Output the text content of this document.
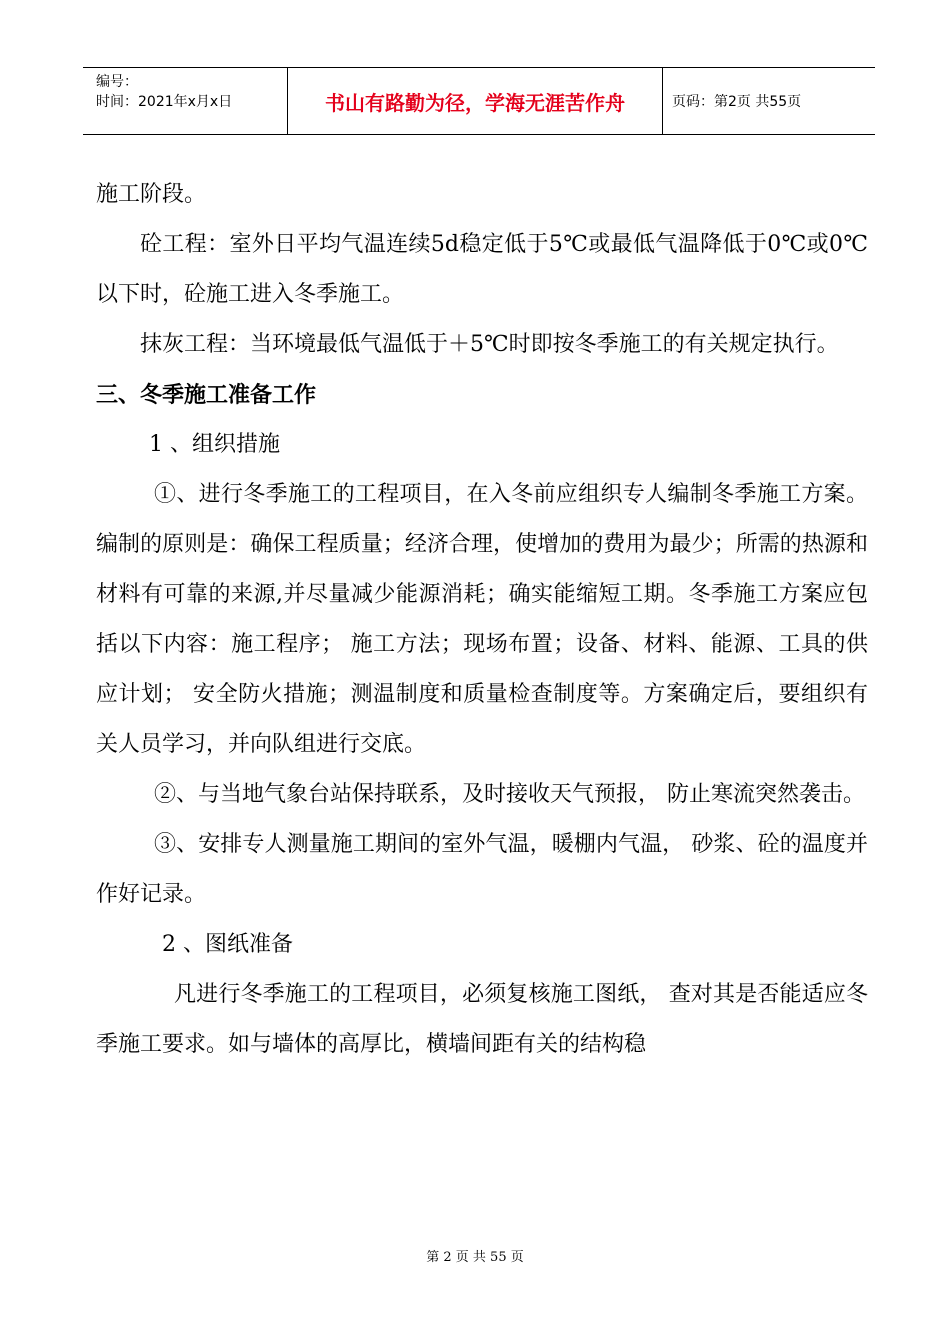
编号：
时间：2021年x月x日	书山有路勤为径，学海无涯苦作舟	页码：第2页 共55页

施工阶段。

砼工程：室外日平均气温连续5d稳定低于5℃或最低气温降低于0℃或0℃以下时，砼施工进入冬季施工。

抹灰工程：当环境最低气温低于＋5℃时即按冬季施工的有关规定执行。

三、冬季施工准备工作

1 、组织措施

①、进行冬季施工的工程项目，在入冬前应组织专人编制冬季施工方案。编制的原则是：确保工程质量；经济合理，使增加的费用为最少；所需的热源和材料有可靠的来源,并尽量减少能源消耗；确实能缩短工期。冬季施工方案应包括以下内容：施工程序； 施工方法；现场布置；设备、材料、能源、工具的供应计划； 安全防火措施；测温制度和质量检查制度等。方案确定后，要组织有关人员学习，并向队组进行交底。

②、与当地气象台站保持联系，及时接收天气预报， 防止寒流突然袭击。

③、安排专人测量施工期间的室外气温，暖棚内气温， 砂浆、砼的温度并作好记录。

2 、图纸准备

凡进行冬季施工的工程项目，必须复核施工图纸， 查对其是否能适应冬季施工要求。如与墙体的高厚比，横墙间距有关的结构稳

第 2 页 共 55 页
